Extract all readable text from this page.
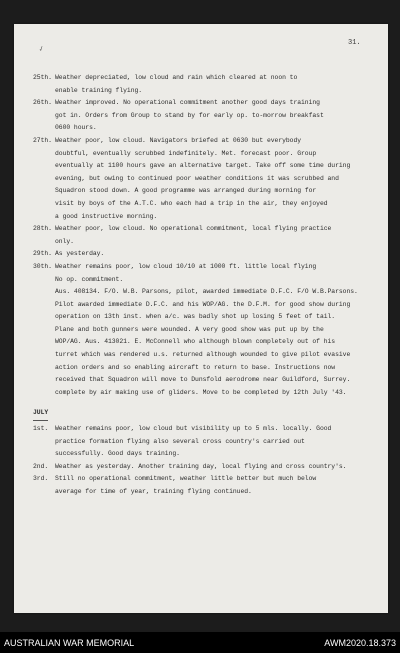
31.
✓
25th. Weather depreciated, low cloud and rain which cleared at noon to
enable training flying.
26th. Weather improved. No operational commitment another good days training
got in. Orders from Group to stand by for early op. to-morrow breakfast
0600 hours.
27th. Weather poor, low cloud. Navigators briefed at 0630 but everybody
doubtful, eventually scrubbed indefinitely. Met. forecast poor. Group
eventually at 1100 hours gave an alternative target. Take off some time during
evening, but owing to continued poor weather conditions it was scrubbed and
Squadron stood down. A good programme was arranged during morning for
visit by boys of the A.T.C. who each had a trip in the air, they enjoyed
a good instructive morning.
28th. Weather poor, low cloud. No operational commitment, local flying practice
only.
29th. As yesterday.
30th. Weather remains poor, low cloud 10/10 at 1000 ft. little local flying
No op. commitment.
Aus. 408134. F/O. W.B. Parsons, pilot, awarded immediate D.F.C. F/O W.B.Parsons.
Pilot awarded immediate D.F.C. and his WOP/AG. the D.F.M. for good show during
operation on 13th inst. when a/c. was badly shot up losing 5 feet of tail.
Plane and both gunners were wounded. A very good show was put up by the
WOP/AG. Aus. 413021. E. McConnell who although blown completely out of his
turret which was rendered u.s. returned although wounded to give pilot evasive
action orders and so enabling aircraft to return to base. Instructions now
received that Squadron will move to Dunsfold aerodrome near Guildford, Surrey.
complete by air making use of gliders. Move to be completed by 12th July '43.
JULY
1st.	Weather remains poor, low cloud but visibility up to 5 mls. locally. Good
practice formation flying also several cross country's carried out
successfully. Good days training.
2nd.	Weather as yesterday. Another training day, local flying and cross country's.
3rd.	Still no operational commitment, weather little better but much below
average for time of year, training flying continued.
AUSTRALIAN WAR MEMORIAL	AWM2020.18.373
